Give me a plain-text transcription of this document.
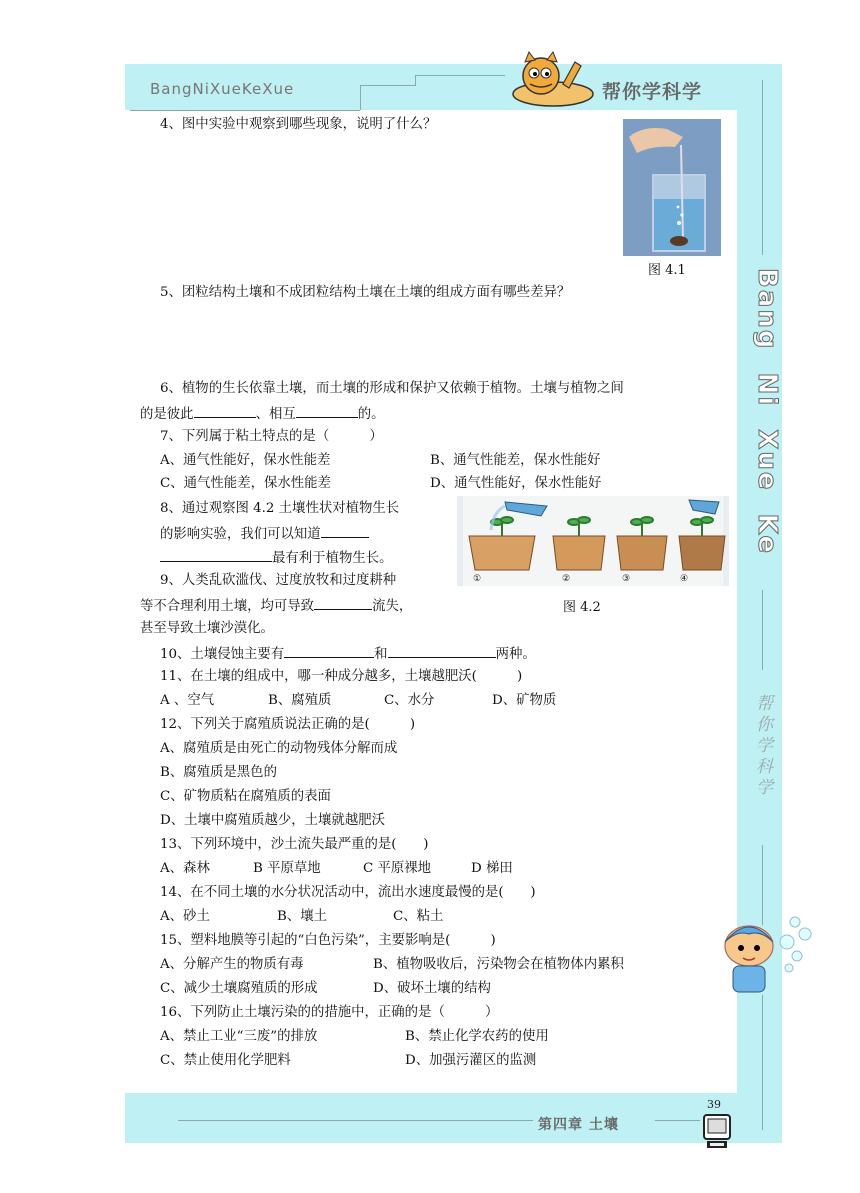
BangNiXueKeXue	帮你学科学
Bang  Ni  Xue  Ke
帮你学科学
第四章 土壤
39
图 4.1
①	②	③	④
图 4.2
4、图中实验中观察到哪些现象，说明了什么？
5、团粒结构土壤和不成团粒结构土壤在土壤的组成方面有哪些差异？
6、植物的生长依靠土壤，而土壤的形成和保护又依赖于植物。土壤与植物之间
的是彼此	、相互	的。
7、下列属于粘土特点的是（　　　）
A、通气性能好，保水性能差	B、通气性能差，保水性能好
C、通气性能差，保水性能差	D、通气性能好，保水性能好
8、通过观察图 4.2 土壤性状对植物生长
的影响实验，我们可以知道
最有利于植物生长。
9、人类乱砍滥伐、过度放牧和过度耕种
等不合理利用土壤，均可导致	流失，
甚至导致土壤沙漠化。
10、土壤侵蚀主要有	和	两种。
11、在土壤的组成中，哪一种成分越多，土壤越肥沃(　　　)
A 、空气	B、腐殖质	C、水分	D、矿物质
12、下列关于腐殖质说法正确的是(　　　)
A、腐殖质是由死亡的动物残体分解而成
B、腐殖质是黑色的
C、矿物质粘在腐殖质的表面
D、土壤中腐殖质越少，土壤就越肥沃
13、下列环境中，沙土流失最严重的是(　　)
A、森林	B 平原草地	C 平原裸地	D 梯田
14、在不同土壤的水分状况活动中，流出水速度最慢的是(　　)
A、砂土	B、壤土	C、粘土
15、塑料地膜等引起的“白色污染”，主要影响是(　　　)
A、分解产生的物质有毒	B、植物吸收后，污染物会在植物体内累积
C、减少土壤腐殖质的形成	D、破坏土壤的结构
16、下列防止土壤污染的的措施中，正确的是（　　　）
A、禁止工业“三废”的排放	B、禁止化学农药的使用
C、禁止使用化学肥料	D、加强污灌区的监测
